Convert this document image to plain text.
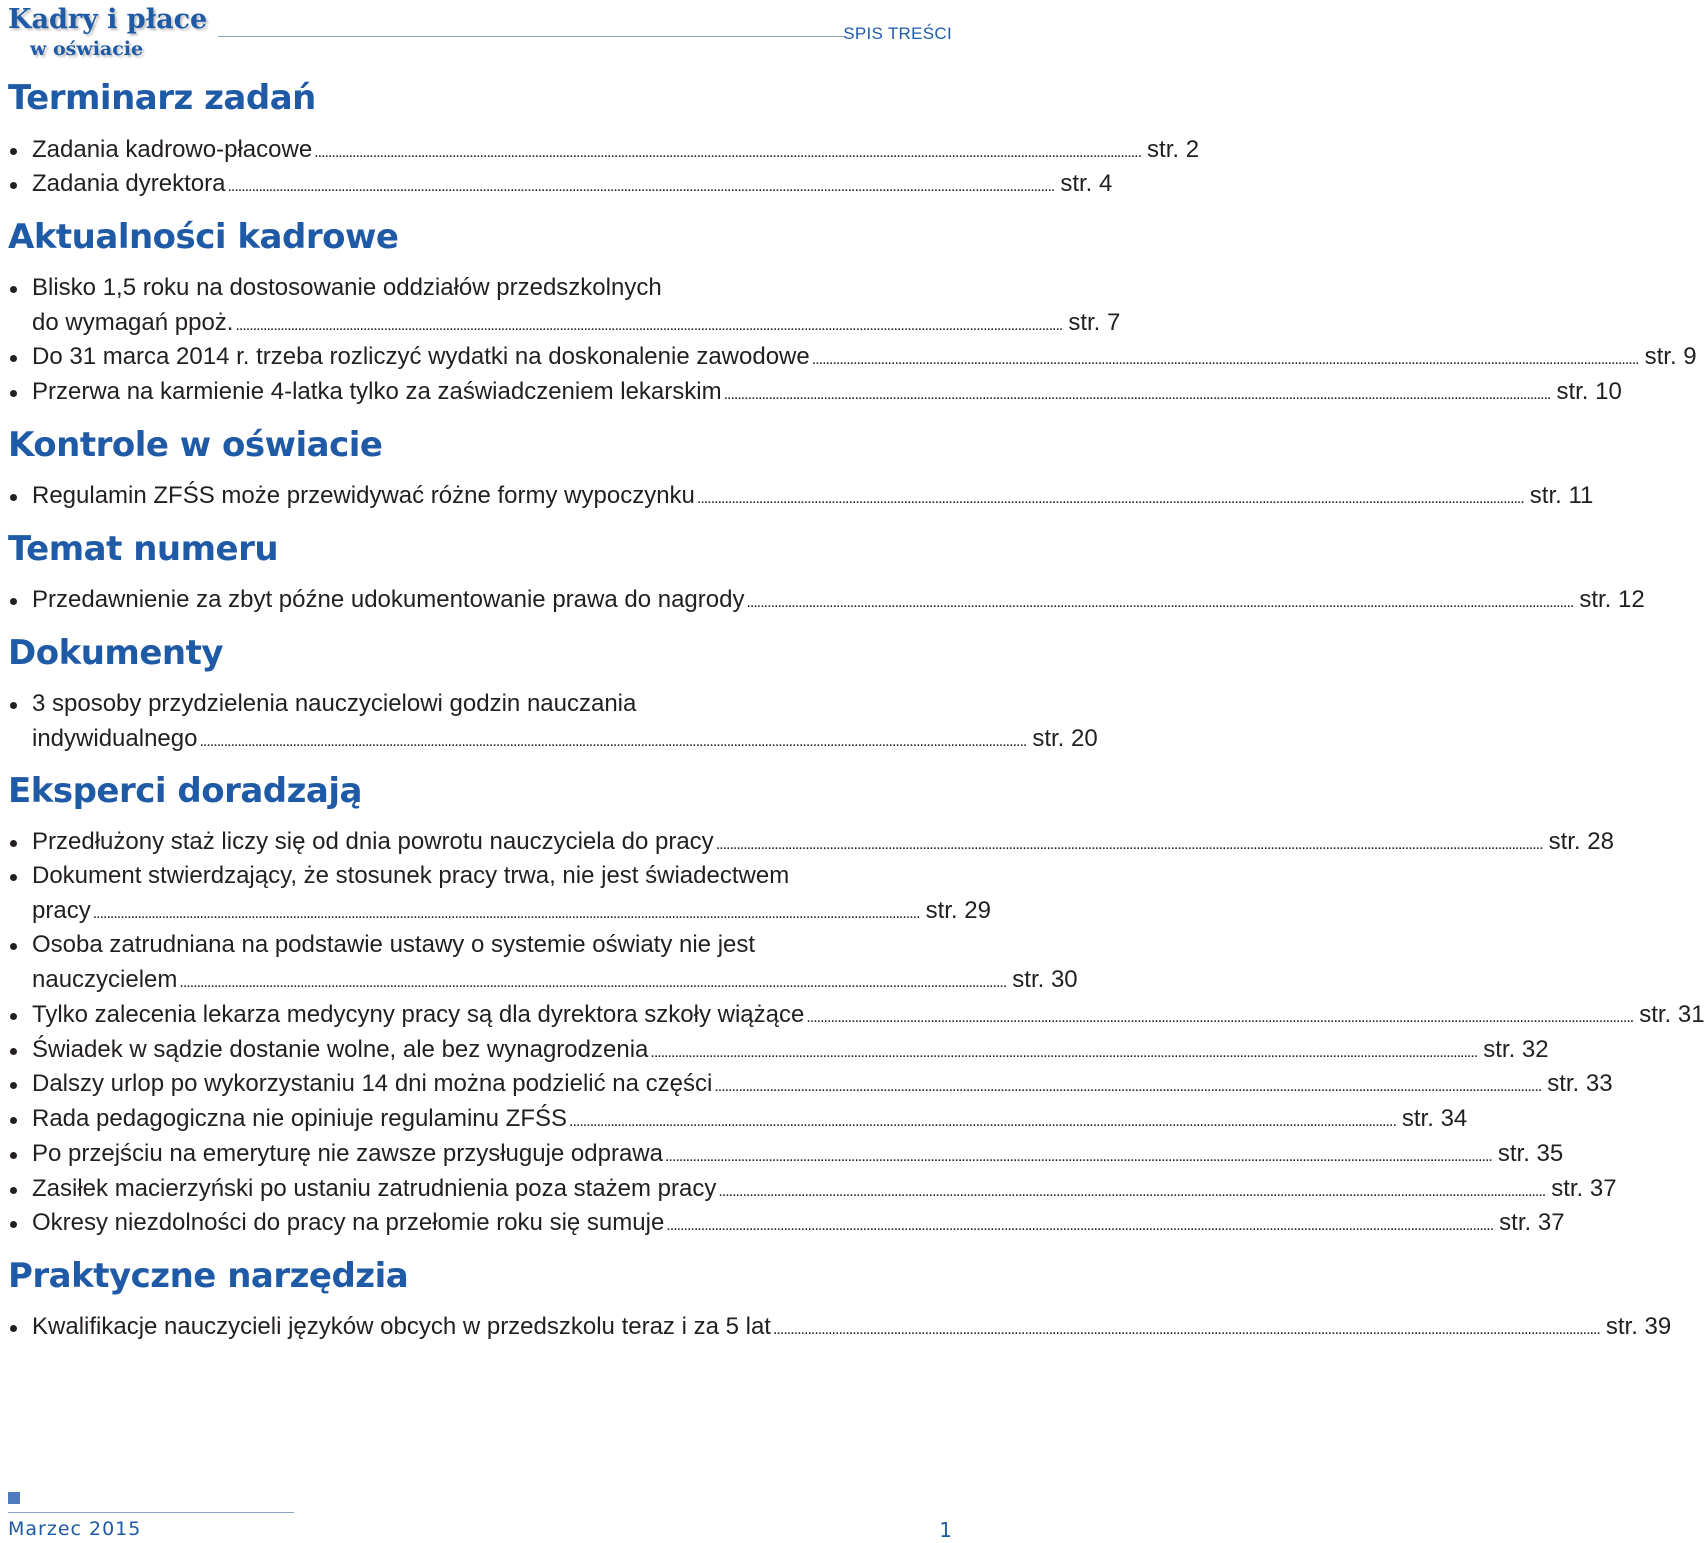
Kadry i płace
w oświacie
SPIS TREŚCI
Terminarz zadań
Zadania kadrowo-płacowe ................................................................................................................................................................................................................................................ str. 2
Zadania dyrektora ................................................................................................................................................................................................................................................ str. 4
Aktualności kadrowe
Blisko 1,5 roku na dostosowanie oddziałów przedszkolnych
do wymagań ppoż. ................................................................................................................................................................................................................................................ str. 7
Do 31 marca 2014 r. trzeba rozliczyć wydatki na doskonalenie zawodowe ................................................................................................................................................................................................................................................ str. 9
Przerwa na karmienie 4-latka tylko za zaświadczeniem lekarskim ................................................................................................................................................................................................................................................ str. 10
Kontrole w oświacie
Regulamin ZFŚS może przewidywać różne formy wypoczynku ................................................................................................................................................................................................................................................ str. 11
Temat numeru
Przedawnienie za zbyt późne udokumentowanie prawa do nagrody ................................................................................................................................................................................................................................................ str. 12
Dokumenty
3 sposoby przydzielenia nauczycielowi godzin nauczania
indywidualnego ................................................................................................................................................................................................................................................ str. 20
Eksperci doradzają
Przedłużony staż liczy się od dnia powrotu nauczyciela do pracy ................................................................................................................................................................................................................................................ str. 28
Dokument stwierdzający, że stosunek pracy trwa, nie jest świadectwem
pracy ................................................................................................................................................................................................................................................ str. 29
Osoba zatrudniana na podstawie ustawy o systemie oświaty nie jest
nauczycielem ................................................................................................................................................................................................................................................ str. 30
Tylko zalecenia lekarza medycyny pracy są dla dyrektora szkoły wiążące ................................................................................................................................................................................................................................................ str. 31
Świadek w sądzie dostanie wolne, ale bez wynagrodzenia ................................................................................................................................................................................................................................................ str. 32
Dalszy urlop po wykorzystaniu 14 dni można podzielić na części ................................................................................................................................................................................................................................................ str. 33
Rada pedagogiczna nie opiniuje regulaminu ZFŚS ................................................................................................................................................................................................................................................ str. 34
Po przejściu na emeryturę nie zawsze przysługuje odprawa ................................................................................................................................................................................................................................................ str. 35
Zasiłek macierzyński po ustaniu zatrudnienia poza stażem pracy ................................................................................................................................................................................................................................................ str. 37
Okresy niezdolności do pracy na przełomie roku się sumuje ................................................................................................................................................................................................................................................ str. 37
Praktyczne narzędzia
Kwalifikacje nauczycieli języków obcych w przedszkolu teraz i za 5 lat ................................................................................................................................................................................................................................................ str. 39
Marzec 2015	1
